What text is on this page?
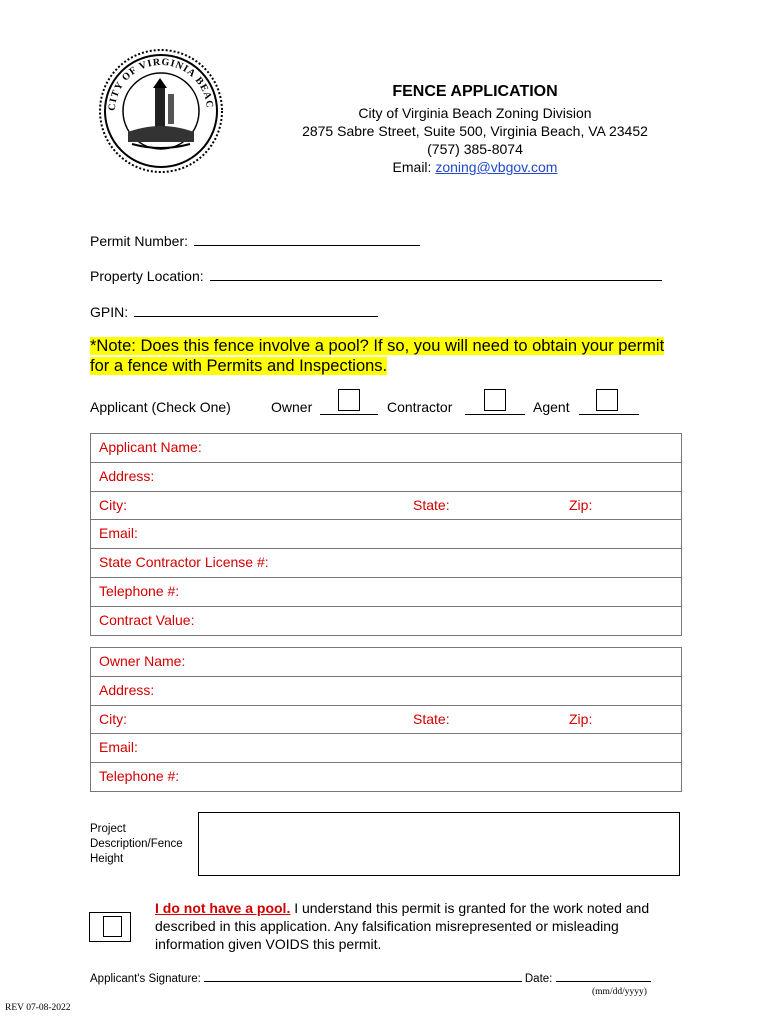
CITY OF VIRGINIA BEAC
FENCE APPLICATION
City of Virginia Beach Zoning Division
2875 Sabre Street, Suite 500, Virginia Beach, VA 23452
(757) 385-8074
Email: zoning@vbgov.com
Permit Number:
Property Location:
GPIN:
*Note: Does this fence involve a pool? If so, you will need to obtain your permit for a fence with Permits and Inspections.
Applicant (Check One)	Owner	Contractor	Agent
Applicant Name:
Address:
City:	State:	Zip:
Email:
State Contractor License #:
Telephone #:
Contract Value:
Owner Name:
Address:
City:	State:	Zip:
Email:
Telephone #:
Project
Description/Fence
Height
I do not have a pool. I understand this permit is granted for the work noted and described in this application. Any falsification misrepresented or misleading information given VOIDS this permit.
Applicant's Signature:	Date:
(mm/dd/yyyy)
REV 07-08-2022
